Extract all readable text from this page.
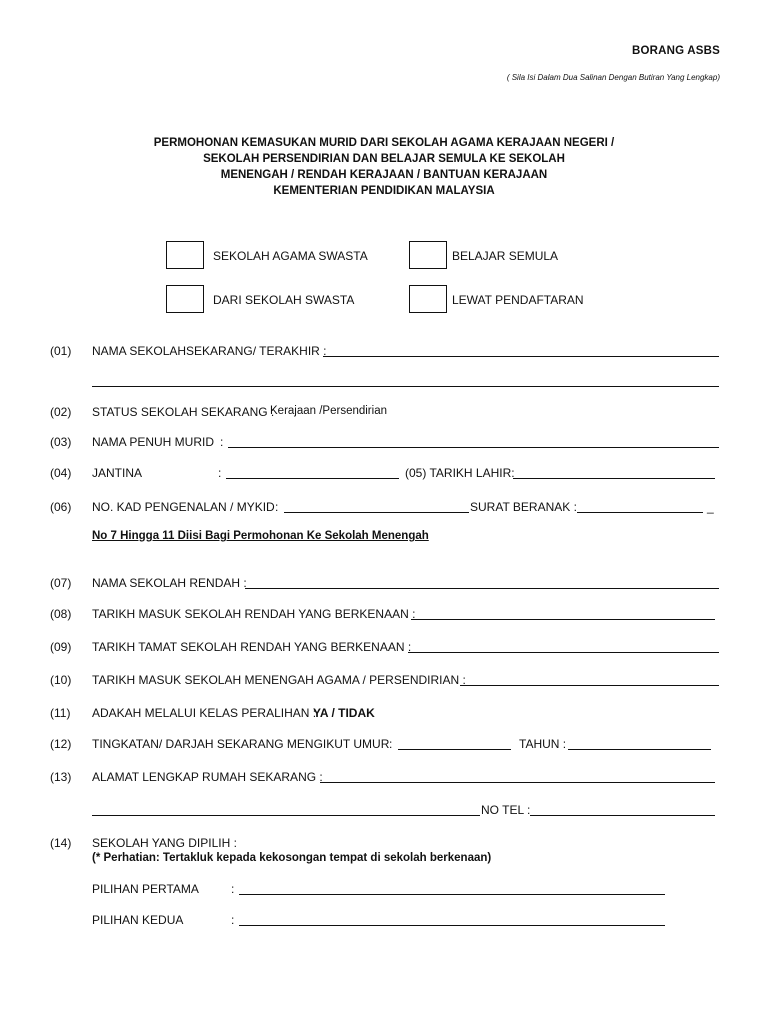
BORANG ASBS
( Sila Isi Dalam Dua Salinan Dengan Butiran Yang Lengkap)
PERMOHONAN KEMASUKAN MURID DARI SEKOLAH AGAMA KERAJAAN NEGERI /
SEKOLAH PERSENDIRIAN DAN BELAJAR SEMULA KE SEKOLAH
MENENGAH / RENDAH KERAJAAN / BANTUAN KERAJAAN
KEMENTERIAN PENDIDIKAN MALAYSIA
SEKOLAH AGAMA SWASTA	BELAJAR SEMULA
DARI SEKOLAH SWASTA	LEWAT PENDAFTARAN
(01) NAMA SEKOLAHSEKARANG/ TERAKHIR :
(02) STATUS SEKOLAH SEKARANG :
Kerajaan /Persendirian
(03) NAMA PENUH MURID :
(04) JANTINA	:	(05) TARIKH LAHIR:
(06) NO. KAD PENGENALAN / MYKID :	SURAT BERANAK :	_
No 7 Hingga 11 Diisi Bagi Permohonan Ke Sekolah Menengah
(07) NAMA SEKOLAH RENDAH :
(08) TARIKH MASUK SEKOLAH RENDAH YANG BERKENAAN :
(09) TARIKH TAMAT SEKOLAH RENDAH YANG BERKENAAN :
(10) TARIKH MASUK SEKOLAH MENENGAH AGAMA / PERSENDIRIAN :
(11) ADAKAH MELALUI KELAS PERALIHAN :
YA / TIDAK
(12) TINGKATAN/ DARJAH SEKARANG MENGIKUT UMUR :	TAHUN :
(13) ALAMAT LENGKAP RUMAH SEKARANG :
NO TEL :
(14) SEKOLAH YANG DIPILIH :
(* Perhatian: Tertakluk kepada kekosongan tempat di sekolah berkenaan)
PILIHAN PERTAMA	:
PILIHAN KEDUA	:
